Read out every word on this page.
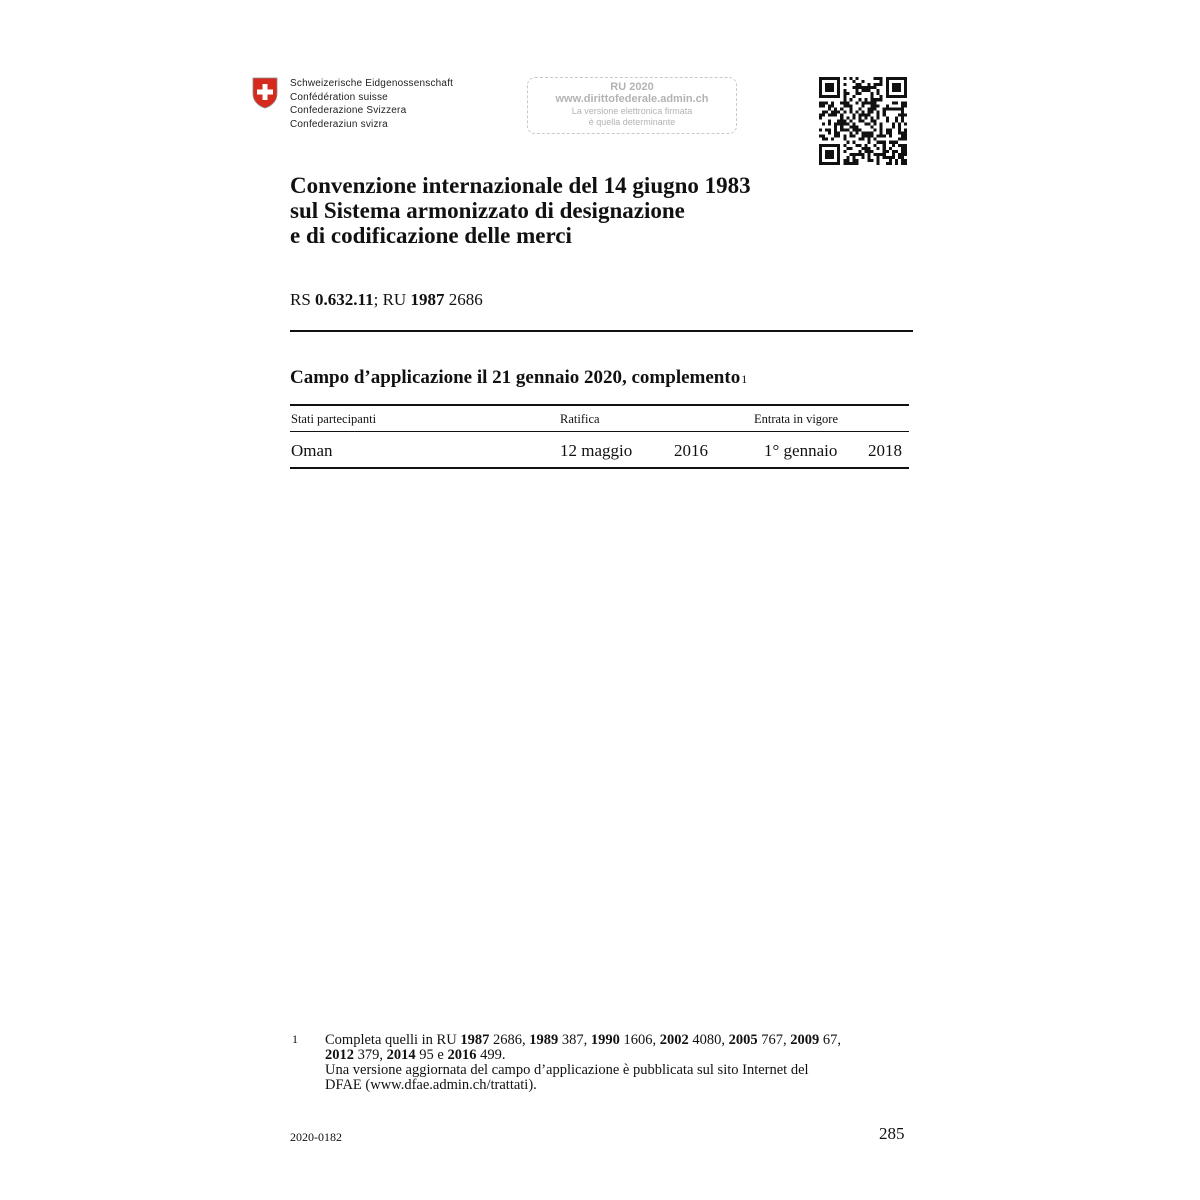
Schweizerische Eidgenossenschaft
Confédération suisse
Confederazione Svizzera
Confederaziun svizra
RU 2020
www.dirittofederale.admin.ch
La versione elettronica firmata
è quella determinante
Convenzione internazionale del 14 giugno 1983
sul Sistema armonizzato di designazione
e di codificazione delle merci
RS 0.632.11; RU 1987 2686
Campo d’applicazione il 21 gennaio 2020, complemento$^1$
Stati partecipanti	Ratifica	Entrata in vigore
Oman	12 maggio 2016	1° gennaio 2018
1 Completa quelli in RU 1987 2686, 1989 387, 1990 1606, 2002 4080, 2005 767, 2009 67,
2012 379, 2014 95 e 2016 499.
Una versione aggiornata del campo d’applicazione è pubblicata sul sito Internet del
DFAE (www.dfae.admin.ch/trattati).
2020-0182	285
